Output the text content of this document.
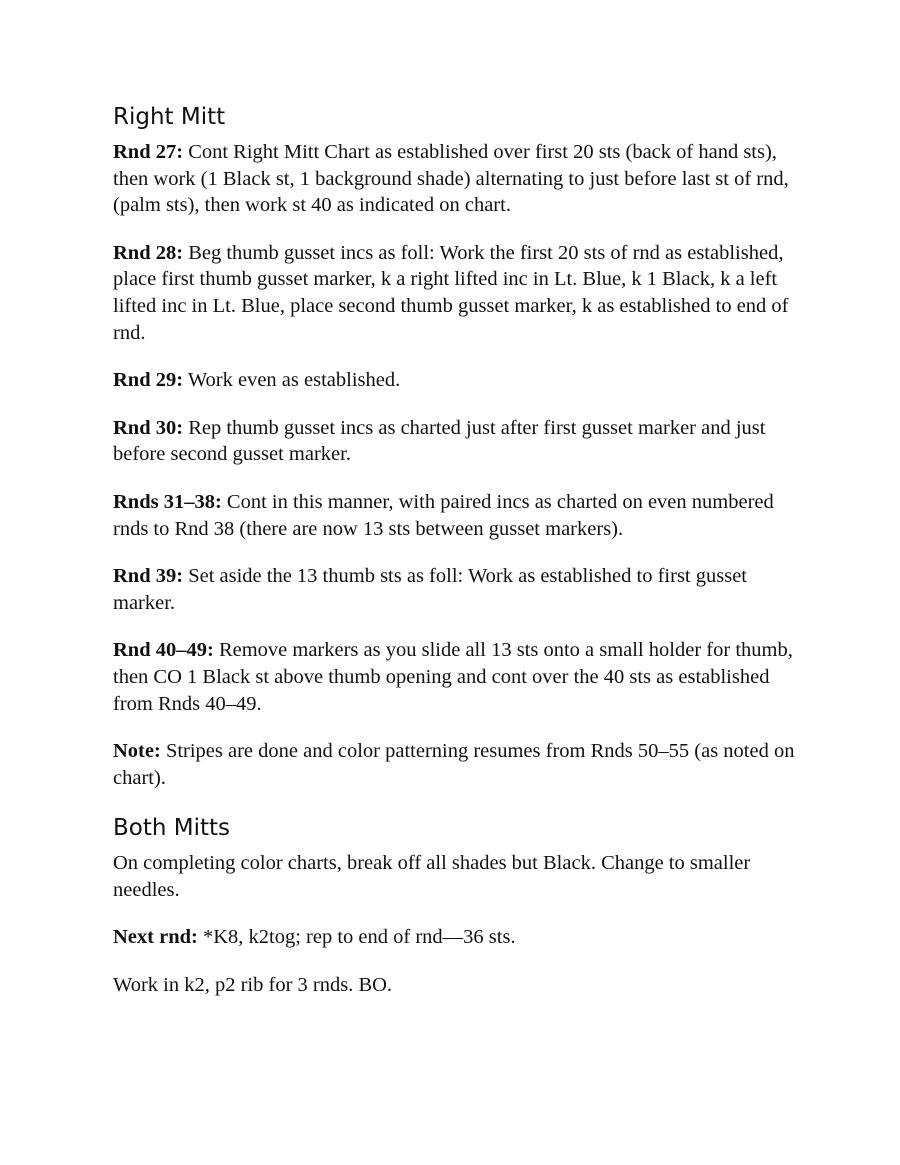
Right Mitt

Rnd 27: Cont Right Mitt Chart as established over first 20 sts (back of hand sts), then work (1 Black st, 1 background shade) alternating to just before last st of rnd, (palm sts), then work st 40 as indicated on chart.

Rnd 28: Beg thumb gusset incs as foll: Work the first 20 sts of rnd as established, place first thumb gusset marker, k a right lifted inc in Lt. Blue, k 1 Black, k a left lifted inc in Lt. Blue, place second thumb gusset marker, k as established to end of rnd.

Rnd 29: Work even as established.

Rnd 30: Rep thumb gusset incs as charted just after first gusset marker and just before second gusset marker.

Rnds 31–38: Cont in this manner, with paired incs as charted on even numbered rnds to Rnd 38 (there are now 13 sts between gusset markers).

Rnd 39: Set aside the 13 thumb sts as foll: Work as established to first gusset marker.

Rnd 40–49: Remove markers as you slide all 13 sts onto a small holder for thumb, then CO 1 Black st above thumb opening and cont over the 40 sts as established from Rnds 40–49.

Note: Stripes are done and color patterning resumes from Rnds 50–55 (as noted on chart).

Both Mitts

On completing color charts, break off all shades but Black. Change to smaller needles.

Next rnd: *K8, k2tog; rep to end of rnd—36 sts.

Work in k2, p2 rib for 3 rnds. BO.
